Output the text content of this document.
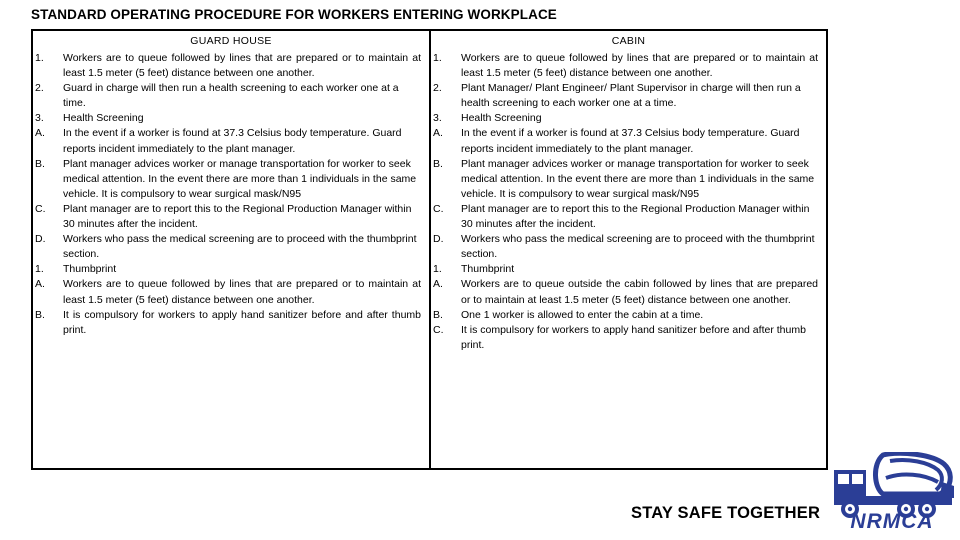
STANDARD OPERATING PROCEDURE FOR WORKERS ENTERING WORKPLACE
GUARD HOUSE
1.	Workers are to queue followed by lines that are prepared or to maintain at least 1.5 meter (5 feet) distance between one another.
2.	Guard in charge will then run a health screening to each worker one at a time.
3.	Health Screening
A.	In the event if a worker is found at 37.3 Celsius body temperature. Guard reports incident immediately to the plant manager.
B.	Plant manager advices worker or manage transportation for worker to seek medical attention. In the event there are more than 1 individuals in the same vehicle. It is compulsory to wear surgical mask/N95
C.	Plant manager are to report this to the Regional Production Manager within 30 minutes after the incident.
D.	Workers who pass the medical screening are to proceed with the thumbprint section.
1.	Thumbprint
A.	Workers are to queue followed by lines that are prepared or to maintain at least 1.5 meter (5 feet) distance between one another.
B.	It is compulsory for workers to apply hand sanitizer before and after thumb print.
CABIN
1.	Workers are to queue followed by lines that are prepared or to maintain at least 1.5 meter (5 feet) distance between one another.
2.	Plant Manager/ Plant Engineer/ Plant Supervisor in charge will then run a health screening to each worker one at a time.
3.	Health Screening
A.	In the event if a worker is found at 37.3 Celsius body temperature. Guard reports incident immediately to the plant manager.
B.	Plant manager advices worker or manage transportation for worker to seek medical attention. In the event there are more than 1 individuals in the same vehicle. It is compulsory to wear surgical mask/N95
C.	Plant manager are to report this to the Regional Production Manager within 30 minutes after the incident.
D.	Workers who pass the medical screening are to proceed with the thumbprint section.
1.	Thumbprint
A.	Workers are to queue outside the cabin followed by lines that are prepared or to maintain at least 1.5 meter (5 feet) distance between one another.
B.	One 1 worker is allowed to enter the cabin at a time.
C.	It is compulsory for workers to apply hand sanitizer before and after thumb print.
STAY SAFE TOGETHER NRMCA
